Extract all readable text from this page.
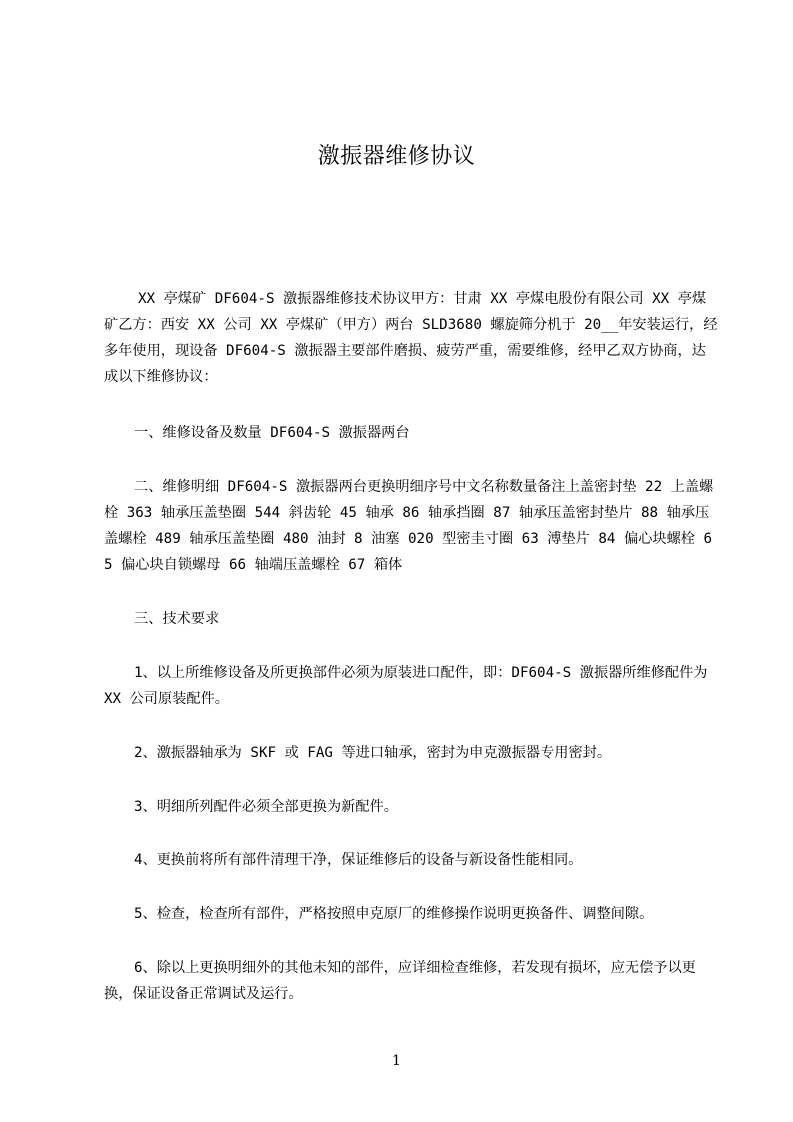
激振器维修协议

XX 亭煤矿 DF604-S 激振器维修技术协议甲方：甘肃 XX 亭煤电股份有限公司 XX 亭煤矿乙方：西安 XX 公司 XX 亭煤矿（甲方）两台 SLD3680 螺旋筛分机于 20__年安装运行，经多年使用，现设备 DF604-S 激振器主要部件磨损、疲劳严重，需要维修，经甲乙双方协商，达成以下维修协议：

一、维修设备及数量 DF604-S 激振器两台

二、维修明细 DF604-S 激振器两台更换明细序号中文名称数量备注上盖密封垫 22 上盖螺栓 363 轴承压盖垫圈 544 斜齿轮 45 轴承 86 轴承挡圈 87 轴承压盖密封垫片 88 轴承压盖螺栓 489 轴承压盖垫圈 480 油封 8 油塞 020 型密圭寸圈 63 溥垫片 84 偏心块螺栓 65 偏心块自锁螺母 66 轴端压盖螺栓 67 箱体

三、技术要求

1、以上所维修设备及所更换部件必须为原装进口配件，即：DF604-S 激振器所维修配件为 XX 公司原装配件。

2、激振器轴承为 SKF 或 FAG 等进口轴承，密封为申克激振器专用密封。

3、明细所列配件必须全部更换为新配件。

4、更换前将所有部件清理干净，保证维修后的设备与新设备性能相同。

5、检查，检查所有部件，严格按照申克原厂的维修操作说明更换备件、调整间隙。

6、除以上更换明细外的其他未知的部件，应详细检查维修，若发现有损坏，应无偿予以更换，保证设备正常调试及运行。

1
